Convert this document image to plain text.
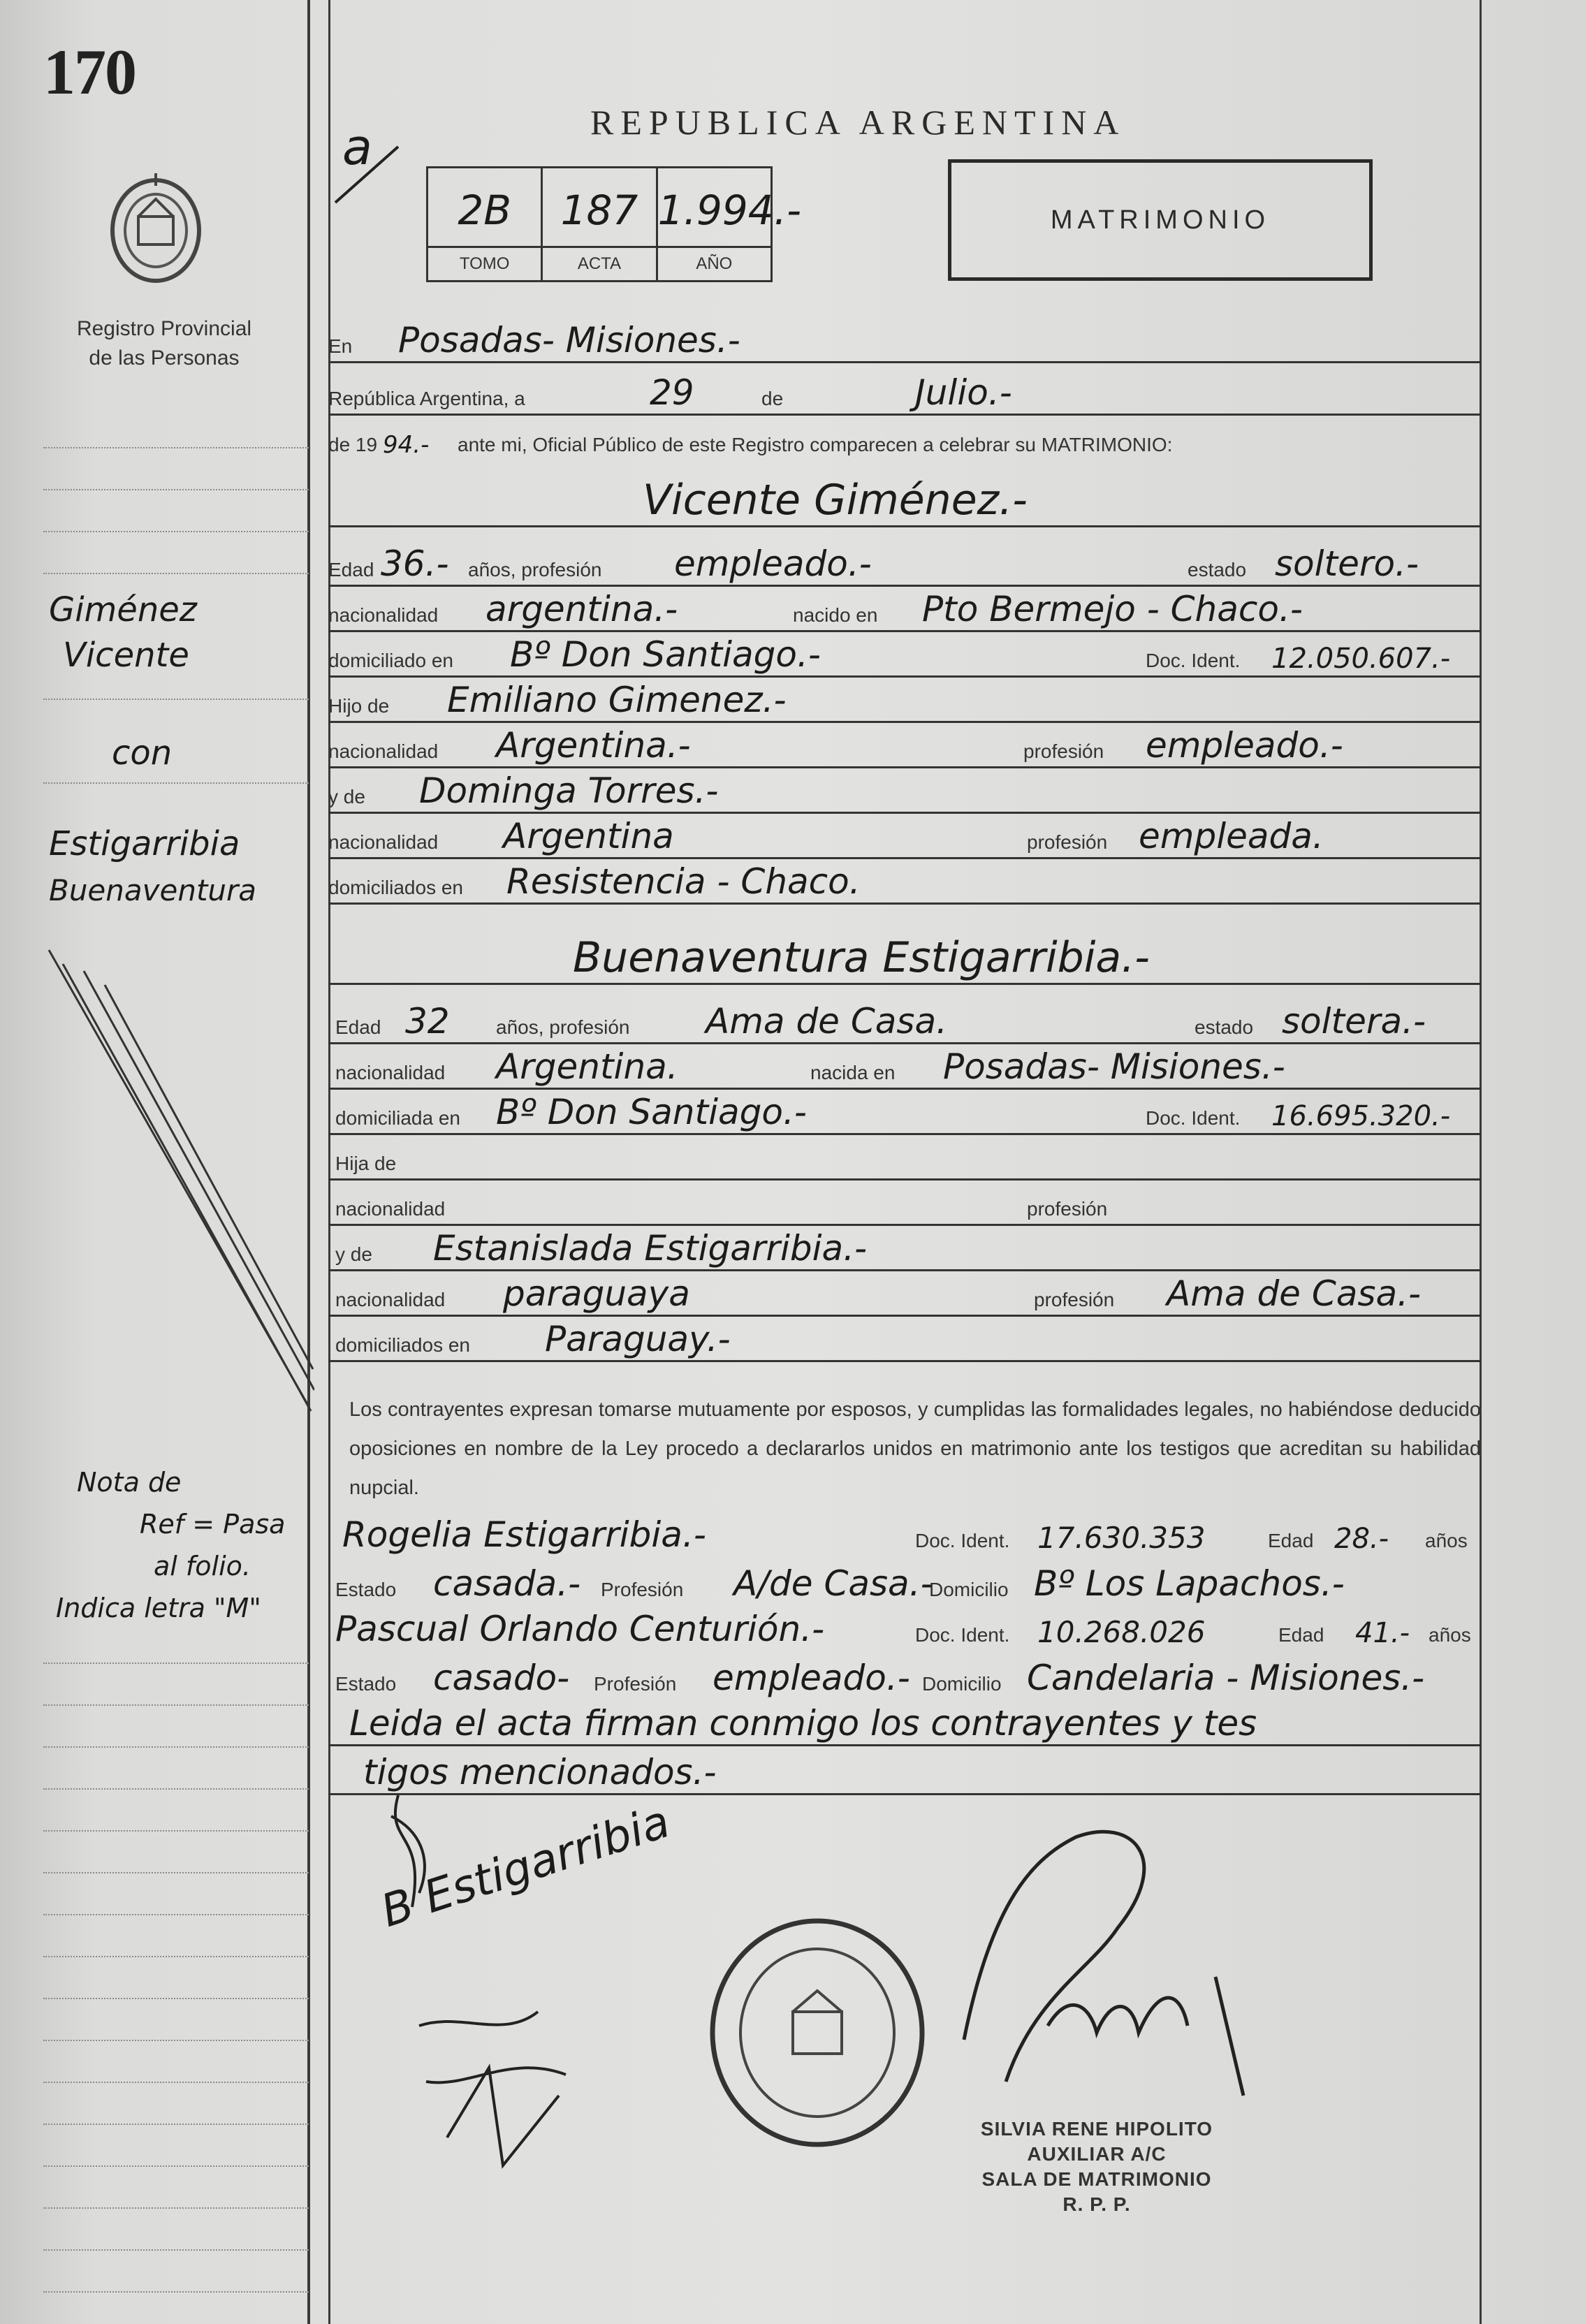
170
Registro Provincial
de las Personas
a	REPUBLICA ARGENTINA
2B
TOMO
187
ACTA
1.994.-
AÑO
MATRIMONIO
Giménez
Vicente
con
Estigarribia
Buenaventura
Nota de
Ref = Pasa
al folio.
Indica letra "M"
En Posadas- Misiones.-
República Argentina, a	29	de	Julio.-
de 19 94.- ante mi, Oficial Público de este Registro comparecen a celebrar su MATRIMONIO:
Vicente Giménez.-
Edad 36.- años, profesión empleado.-	estado soltero.-
nacionalidad argentina.-	nacido en Pto Bermejo - Chaco.-
domiciliado en Bº Don Santiago.-	Doc. Ident. 12.050.607.-
Hijo de Emiliano Gimenez.-
nacionalidad Argentina.-	profesión empleado.-
y de Dominga Torres.-
nacionalidad Argentina	profesión empleada.
domiciliados en Resistencia - Chaco.
Buenaventura Estigarribia.-
Edad 32 años, profesión Ama de Casa.	estado soltera.-
nacionalidad Argentina.	nacida en Posadas- Misiones.-
domiciliada en Bº Don Santiago.-	Doc. Ident. 16.695.320.-
Hija de
nacionalidad	profesión
y de Estanislada Estigarribia.-
nacionalidad paraguaya	profesión Ama de Casa.-
domiciliados en Paraguay.-
Los contrayentes expresan tomarse mutuamente por esposos, y cumplidas las formalidades legales, no habiéndose deducido oposiciones en nombre de la Ley procedo a declararlos unidos en matrimonio ante los testigos que acreditan su habilidad nupcial.
Rogelia Estigarribia.-	Doc. Ident. 17.630.353	Edad 28.- años
Estado casada.- Profesión A/de Casa.-
Domicilio Bº Los Lapachos.-
Pascual Orlando Centurión.-	Doc. Ident. 10.268.026	Edad 41.- años
Estado casado- Profesión empleado.- Domicilio Candelaria - Misiones.-
Leida el acta firman conmigo los contrayentes y tes
tigos mencionados.-
B Estigarribia
SILVIA RENE HIPOLITO
AUXILIAR A/C
SALA DE MATRIMONIO
R. P. P.
